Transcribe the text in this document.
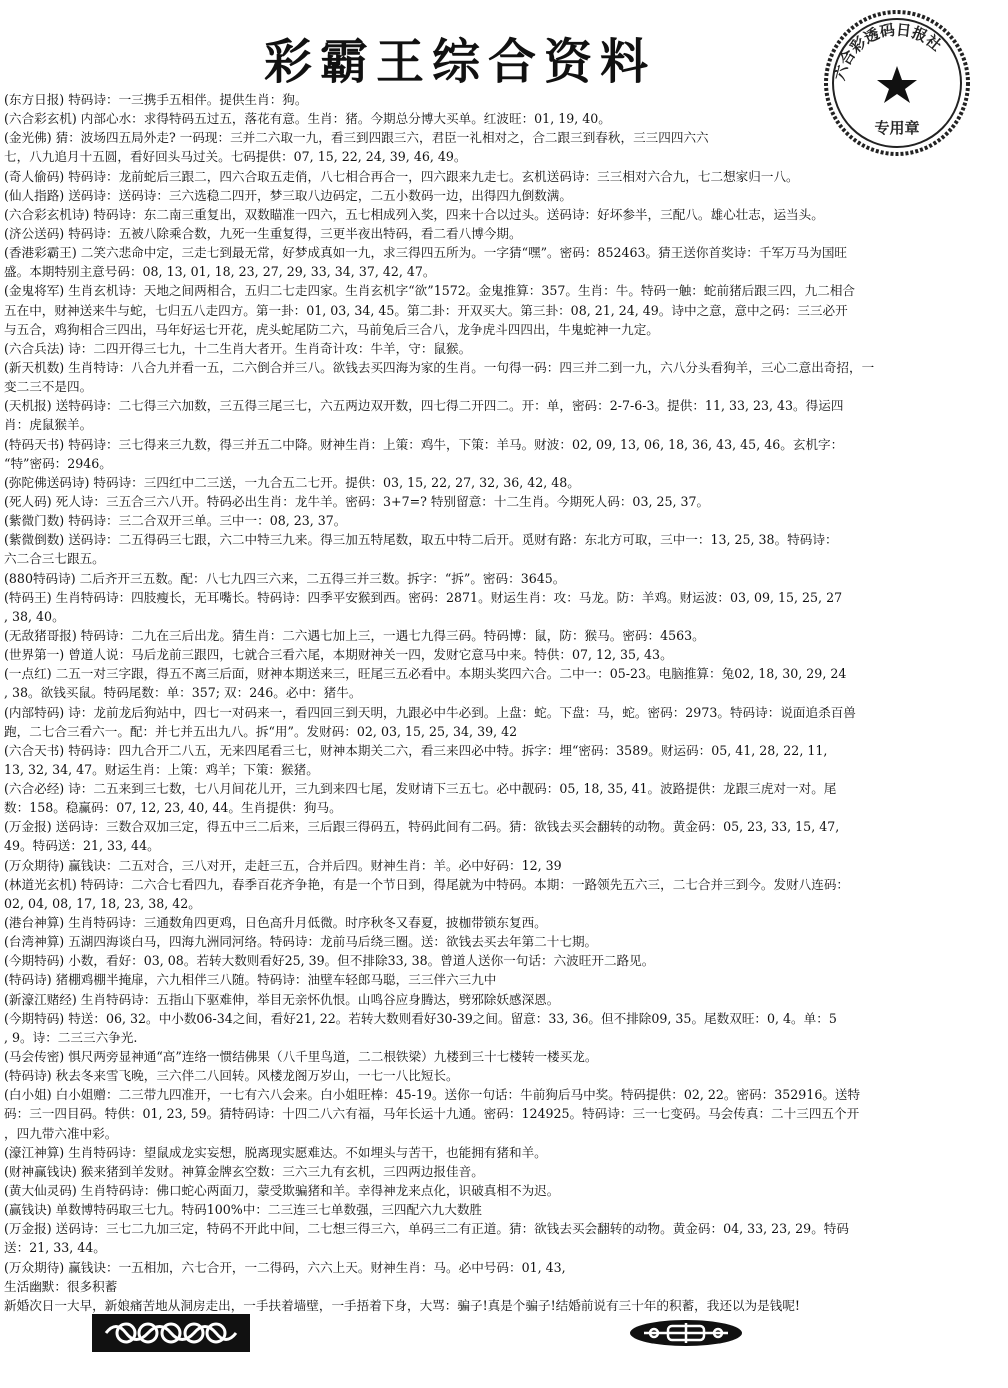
彩霸王综合资料	六合彩透码日报社
专用章
(东方日报) 特码诗：一三携手五相伴。提供生肖：狗。
(六合彩玄机) 内部心水：求得特码五过五，落花有意。生肖：猪。今期总分博大买单。红波旺：01, 19, 40。
(金光佛) 猜：波场四五局外走? 一码现：三并二六取一九，看三到四跟三六，君臣一礼相对之，合二跟三到春秋，三三四四六六
七，八九追月十五圆，看好回头马过关。七码提供：07, 15, 22, 24, 39, 46, 49。
(奇人偷码) 特码诗：龙前蛇后三跟二，四六合取五走俏，八七相合再合一，四六跟来九走七。玄机送码诗：三三相对六合九，七二想家归一八。
(仙人指路) 送码诗：送码诗：三六选稳二四开，梦三取八边码定，二五小数码一边，出得四九倒数满。
(六合彩玄机诗) 特码诗：东二南三重复出，双数瞄准一四六，五七相成列入奖，四来十合以过头。送码诗：好坏参半，三配八。雄心壮志，运当头。
(济公送码) 特码诗：五被八除乘合数，九死一生重复得，三更半夜出特码，看二看八博今期。
(香港彩霸王) 二笑六悲命中定，三走七到最无常，好梦成真如一九，求三得四五所为。一字猜“嘿”。密码：852463。猜王送你首奖诗：千军万马为国旺
盛。本期特别主意号码：08, 13, 01, 18, 23, 27, 29, 33, 34, 37, 42, 47。
(金鬼将军) 生肖玄机诗：天地之间两相合，五归二七走四家。生肖玄机字“欲”1572。金鬼推算：357。生肖：牛。特码一触：蛇前猪后跟三四，九二相合
五在中，财神送来牛与蛇，七归五八走四方。第一卦：01, 03, 34, 45。第二卦：开双买大。第三卦：08, 21, 24, 49。诗中之意，意中之码：三三必开
与五合，鸡狗相合三四出，马年好运七开花，虎头蛇尾防二六，马前兔后三合八，龙争虎斗四四出，牛鬼蛇神一九定。
(六合兵法) 诗：二四开得三七九，十二生肖大者开。生肖奇计攻：牛羊，守：鼠猴。
(新天机数) 生肖特诗：八合九并看一五，二六倒合并三八。欲钱去买四海为家的生肖。一句得一码：四三并二到一九，六八分头看狗羊，三心二意出奇招，一
变二三不是四。
(天机报) 送特码诗：二七得三六加数，三五得三尾三七，六五两边双开数，四七得二开四二。开：单，密码：2-7-6-3。提供：11, 33, 23, 43。得运四
肖：虎鼠猴羊。
(特码天书) 特码诗：三七得来三九数，得三并五二中降。财神生肖：上策：鸡牛，下策：羊马。财波：02, 09, 13, 06, 18, 36, 43, 45, 46。玄机字：
“特”密码：2946。
(弥陀佛送码诗) 特码诗：三四红中二三送，一九合五二七开。提供：03, 15, 22, 27, 32, 36, 42, 48。
(死人码) 死人诗：三五合三六八开。特码必出生肖：龙牛羊。密码：3+7=? 特别留意：十二生肖。今期死人码：03, 25, 37。
(紫微门数) 特码诗：三二合双开三单。三中一：08, 23, 37。
(紫微倒数) 送码诗：二五得码三七跟，六二中特三九来。得三加五特尾数，取五中特二后开。觅财有路：东北方可取，三中一：13, 25, 38。特码诗：
六二合三七跟五。
(880特码诗) 二后齐开三五数。配：八七九四三六来，二五得三并三数。拆字：“拆”。密码：3645。
(特码王) 生肖特码诗：四肢瘦长，无耳嘴长。特码诗：四季平安猴到西。密码：2871。财运生肖：攻：马龙。防：羊鸡。财运波：03, 09, 15, 25, 27
, 38, 40。
(无敌猪哥报) 特码诗：二九在三后出龙。猜生肖：二六遇七加上三，一遇七九得三码。特码博：鼠，防：猴马。密码：4563。
(世界第一) 曾道人说：马后龙前三跟四，七就合三看六尾，本期财神关一四，发财它意马中来。特供：07, 12, 35, 43。
(一点红) 二五一对三字跟，得五不离三后面，财神本期送来三，旺尾三五必看中。本期头奖四六合。二中一：05-23。电脑推算：兔02, 18, 30, 29, 24
, 38。欲钱买鼠。特码尾数：单：357; 双：246。必中：猪牛。
(内部特码) 诗：龙前龙后狗站中，四七一对码来一，看四回三到天明，九跟必中牛必到。上盘：蛇。下盘：马，蛇。密码：2973。特码诗：说面追杀百兽
跑，二七合三看六一。配：并七并五出九八。拆“用”。发财码：02, 03, 15, 25, 34, 39, 42
(六合天书) 特码诗：四九合开二八五，无来四尾看三七，财神本期关二六，看三来四必中特。拆字：埋“密码：3589。财运码：05, 41, 28, 22, 11,
13, 32, 34, 47。财运生肖：上策：鸡羊；下策：猴猪。
(六合必经) 诗：二五来到三七数，七八月间花儿开，三九到来四七尾，发财请下三五七。必中靓码：05, 18, 35, 41。波路提供：龙跟三虎对一对。尾
数：158。稳赢码：07, 12, 23, 40, 44。生肖提供：狗马。
(万金报) 送码诗：三数合双加三定，得五中三二后来，三后跟三得码五，特码此间有二码。猜：欲钱去买会翻转的动物。黄金码：05, 23, 33, 15, 47,
49。特码送：21, 33, 44。
(万众期待) 赢钱诀：二五对合，三八对开，走赶三五，合并后四。财神生肖：羊。必中好码：12, 39
(林道光玄机) 特码诗：二六合七看四九，春季百花齐争艳，有是一个节日到，得尾就为中特码。本期：一路领先五六三，二七合并三到今。发财八连码：
02, 04, 08, 17, 18, 23, 38, 42。
(港台神算) 生肖特码诗：三通数角四更鸡，日色高升月低微。时序秋冬又春夏，披枷带锁东复西。
(台湾神算) 五湖四海谈白马，四海九洲同河络。特码诗：龙前马后绕三圈。送：欲钱去买去年第二十七期。
(今期特码) 小数，看好：03, 08。若转大数则看好25, 39。但不排除33, 38。曾道人送你一句话：六波旺开二路见。
(特码诗) 猪棚鸡棚半掩扉，六九相伴三八随。特码诗：油壁车轻郎马聪，三三伴六三九中
(新濠江赌经) 生肖特码诗：五指山下驱难伸，举目无亲怀仇恨。山鸣谷应身腾达，劈邪除妖感深恩。
(今期特码) 特送：06, 32。中小数06-34之间，看好21, 22。若转大数则看好30-39之间。留意：33, 36。但不排除09, 35。尾数双旺：0, 4。单：5
, 9。诗：二三三六争光.
(马会传密) 惧尺两旁显神通“高”连络一惯结佛果（八千里鸟道，二二根铁梁）九楼到三十七楼转一楼买龙。
(特码诗) 秋去冬来雪飞晚，三六伴二八回转。风楼龙阁万岁山，一七一八比短长。
(白小姐) 白小姐赠：二三带九四准开，一七有六八会来。白小姐旺棒：45-19。送你一句话：牛前狗后马中奖。特码提供：02, 22。密码：352916。送特
码：三一四目码。特供：01, 23, 59。猜特码诗：十四二八六有福，马年长运十九通。密码：124925。特码诗：三一七变码。马会传真：二十三四五个开
，四九带六准中彩。
(濠江神算) 生肖特码诗：望鼠成龙实妄想，脱离现实愿难达。不如埋头与苦干，也能拥有猪和羊。
(财神赢钱诀) 猴来猪到羊发财。神算金牌玄空数：三六三九有玄机，三四两边报佳音。
(黄大仙灵码) 生肖特码诗：佛口蛇心两面刀，蒙受欺骗猪和羊。幸得神龙来点化，识破真相不为迟。
(赢钱诀) 单数博特码取三七九。特码100%中：二三连三七单数强，三四配六九大数胜
(万金报) 送码诗：三七二九加三定，特码不开此中间，二七想三得三六，单码三二有正道。猜：欲钱去买会翻转的动物。黄金码：04, 33, 23, 29。特码
送：21, 33, 44。
(万众期待) 赢钱诀：一五相加，六七合开，一二得码，六六上天。财神生肖：马。必中号码：01, 43,
生活幽默：很多积蓄
新婚次日一大早，新娘痛苦地从洞房走出，一手扶着墙壁，一手捂着下身，大骂：骗子!真是个骗子!结婚前说有三十年的积蓄，我还以为是钱呢!
